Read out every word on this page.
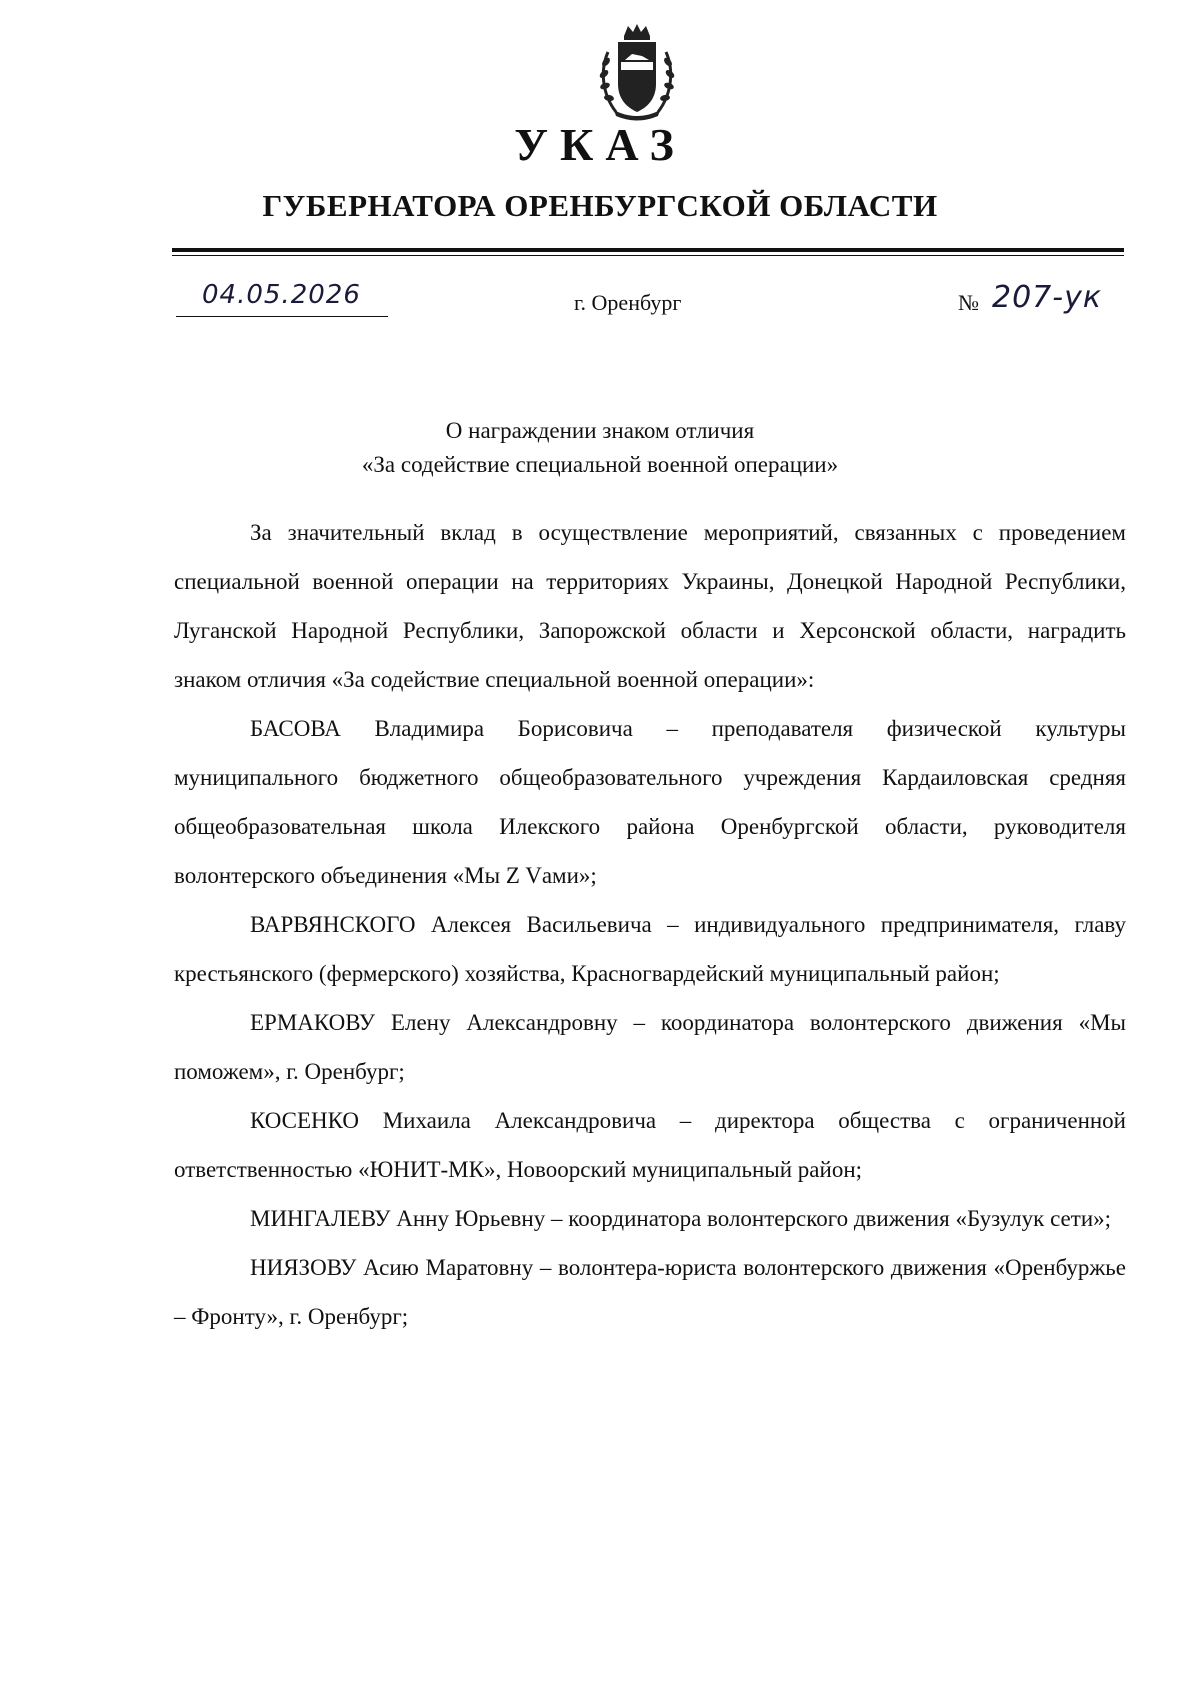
УКАЗ
ГУБЕРНАТОРА ОРЕНБУРГСКОЙ ОБЛАСТИ
04.05.2026	г. Оренбург	№ 207-ук
О награждении знаком отличия
«За содействие специальной военной операции»

За значительный вклад в осуществление мероприятий, связанных с проведением специальной военной операции на территориях Украины, Донецкой Народной Республики, Луганской Народной Республики, Запорожской области и Херсонской области, наградить знаком отличия «За содействие специальной военной операции»:

БАСОВА Владимира Борисовича – преподавателя физической культуры муниципального бюджетного общеобразовательного учреждения Кардаиловская средняя общеобразовательная школа Илекского района Оренбургской области, руководителя волонтерского объединения «Мы Z Vами»;

ВАРВЯНСКОГО Алексея Васильевича – индивидуального предпринимателя, главу крестьянского (фермерского) хозяйства, Красногвардейский муниципальный район;

ЕРМАКОВУ Елену Александровну – координатора волонтерского движения «Мы поможем», г. Оренбург;

КОСЕНКО Михаила Александровича – директора общества с ограниченной ответственностью «ЮНИТ-МК», Новоорский муниципальный район;

МИНГАЛЕВУ Анну Юрьевну – координатора волонтерского движения «Бузулук сети»;

НИЯЗОВУ Асию Маратовну – волонтера-юриста волонтерского движения «Оренбуржье – Фронту», г. Оренбург;
